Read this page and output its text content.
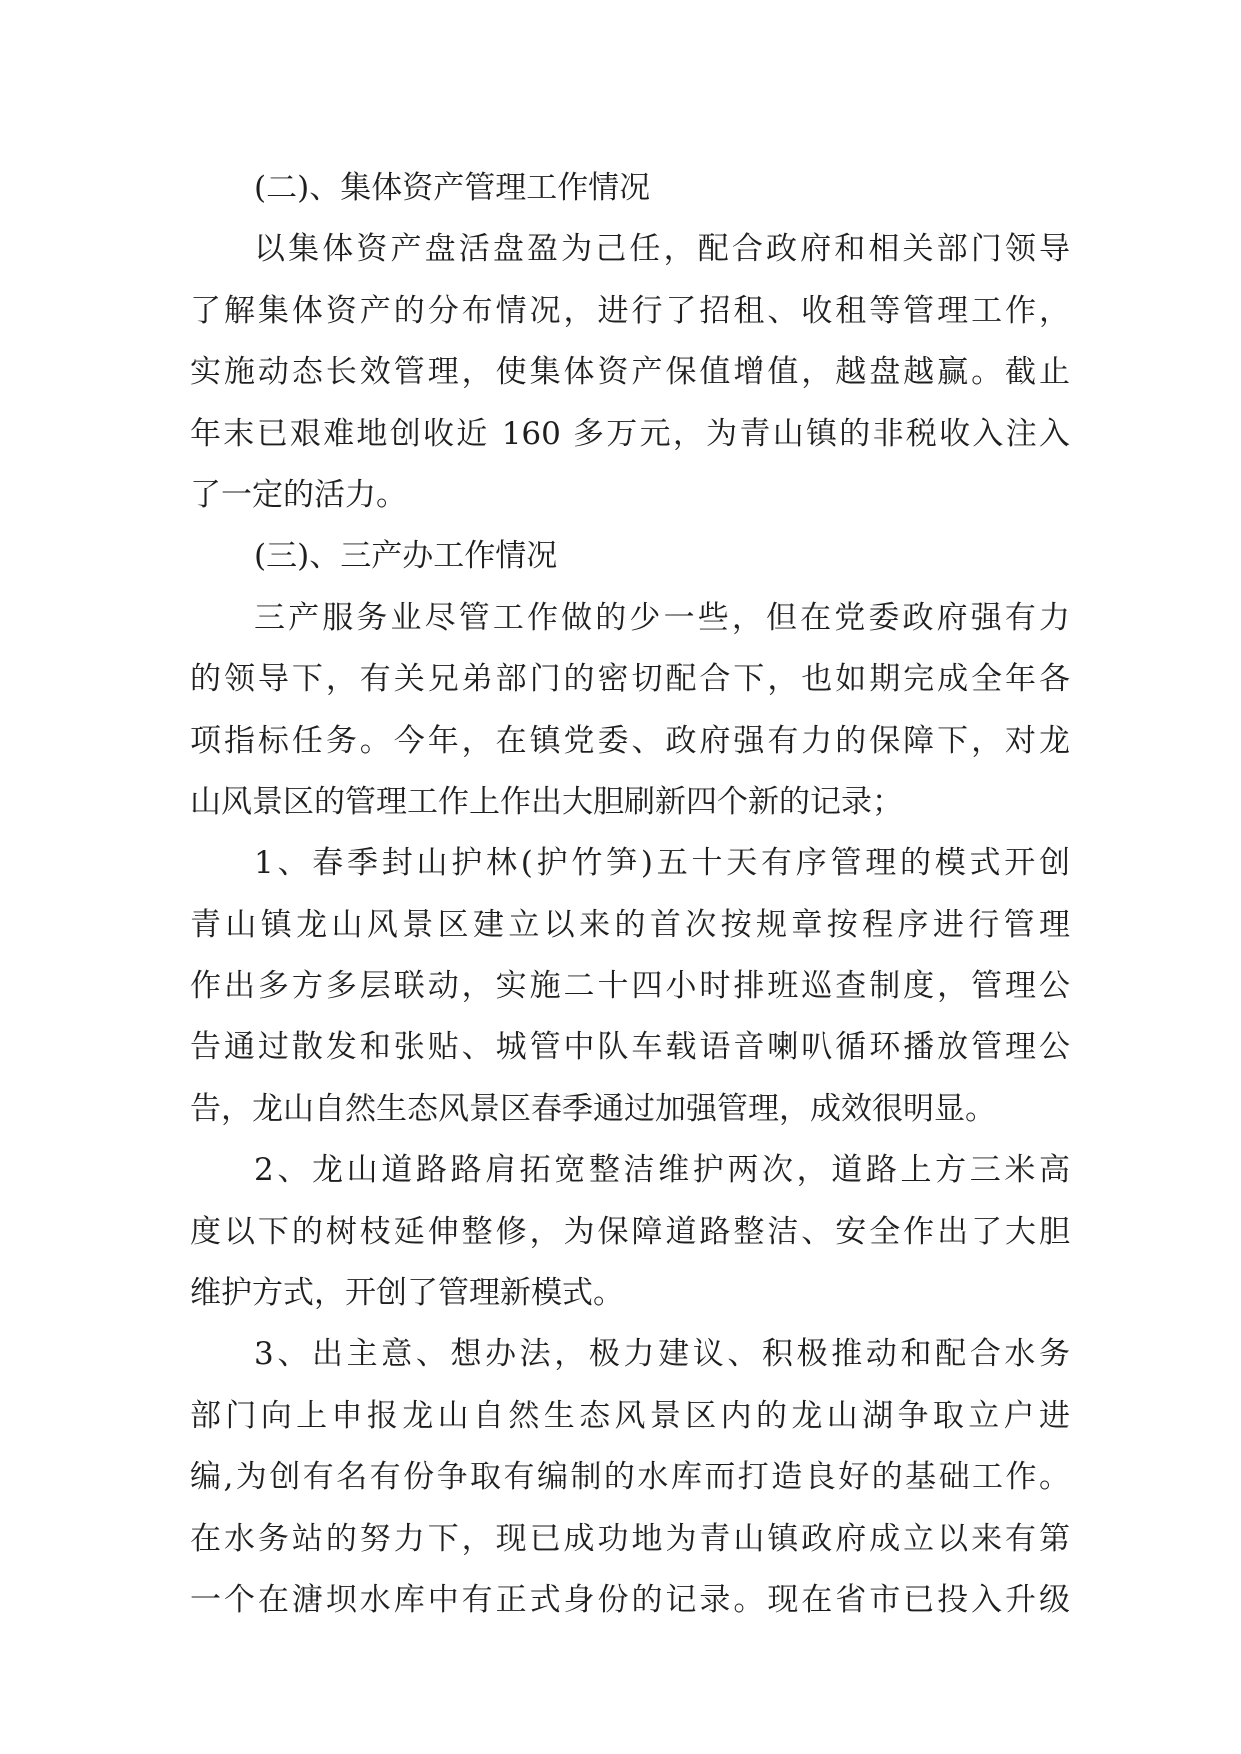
(二)、集体资产管理工作情况
以集体资产盘活盘盈为己任，配合政府和相关部门领导
了解集体资产的分布情况，进行了招租、收租等管理工作，
实施动态长效管理，使集体资产保值增值，越盘越赢。截止
年末已艰难地创收近 160 多万元，为青山镇的非税收入注入
了一定的活力。
(三)、三产办工作情况
三产服务业尽管工作做的少一些，但在党委政府强有力
的领导下，有关兄弟部门的密切配合下，也如期完成全年各
项指标任务。今年，在镇党委、政府强有力的保障下，对龙
山风景区的管理工作上作出大胆刷新四个新的记录；
1、春季封山护林(护竹笋)五十天有序管理的模式开创
青山镇龙山风景区建立以来的首次按规章按程序进行管理
作出多方多层联动，实施二十四小时排班巡查制度，管理公
告通过散发和张贴、城管中队车载语音喇叭循环播放管理公
告，龙山自然生态风景区春季通过加强管理，成效很明显。
2、龙山道路路肩拓宽整洁维护两次，道路上方三米高
度以下的树枝延伸整修，为保障道路整洁、安全作出了大胆
维护方式，开创了管理新模式。
3、出主意、想办法，极力建议、积极推动和配合水务
部门向上申报龙山自然生态风景区内的龙山湖争取立户进
编,为创有名有份争取有编制的水库而打造良好的基础工作。
在水务站的努力下，现已成功地为青山镇政府成立以来有第
一个在溏坝水库中有正式身份的记录。现在省市已投入升级
